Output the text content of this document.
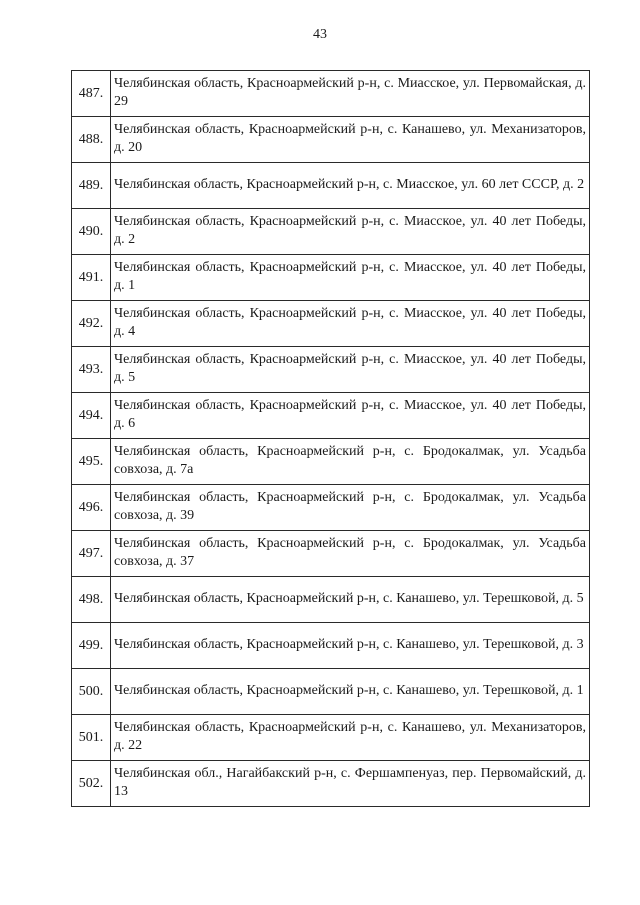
43
487.	Челябинская область, Красноармейский р-н, с. Миасское, ул. Первомайская, д. 29
488.	Челябинская область, Красноармейский р-н, с. Канашево, ул. Механизаторов, д. 20
489.	Челябинская область, Красноармейский р-н, с. Миасское, ул. 60 лет СССР, д. 2
490.	Челябинская область, Красноармейский р-н, с. Миасское, ул. 40 лет Победы, д. 2
491.	Челябинская область, Красноармейский р-н, с. Миасское, ул. 40 лет Победы, д. 1
492.	Челябинская область, Красноармейский р-н, с. Миасское, ул. 40 лет Победы, д. 4
493.	Челябинская область, Красноармейский р-н, с. Миасское, ул. 40 лет Победы, д. 5
494.	Челябинская область, Красноармейский р-н, с. Миасское, ул. 40 лет Победы, д. 6
495.	Челябинская область, Красноармейский р-н, с. Бродокалмак, ул. Усадьба совхоза, д. 7а
496.	Челябинская область, Красноармейский р-н, с. Бродокалмак, ул. Усадьба совхоза, д. 39
497.	Челябинская область, Красноармейский р-н, с. Бродокалмак, ул. Усадьба совхоза, д. 37
498.	Челябинская область, Красноармейский р-н, с. Канашево, ул. Терешковой, д. 5
499.	Челябинская область, Красноармейский р-н, с. Канашево, ул. Терешковой, д. 3
500.	Челябинская область, Красноармейский р-н, с. Канашево, ул. Терешковой, д. 1
501.	Челябинская область, Красноармейский р-н, с. Канашево, ул. Механизаторов, д. 22
502.	Челябинская обл., Нагайбакский р-н, с. Фершампенуаз, пер. Первомайский, д. 13
